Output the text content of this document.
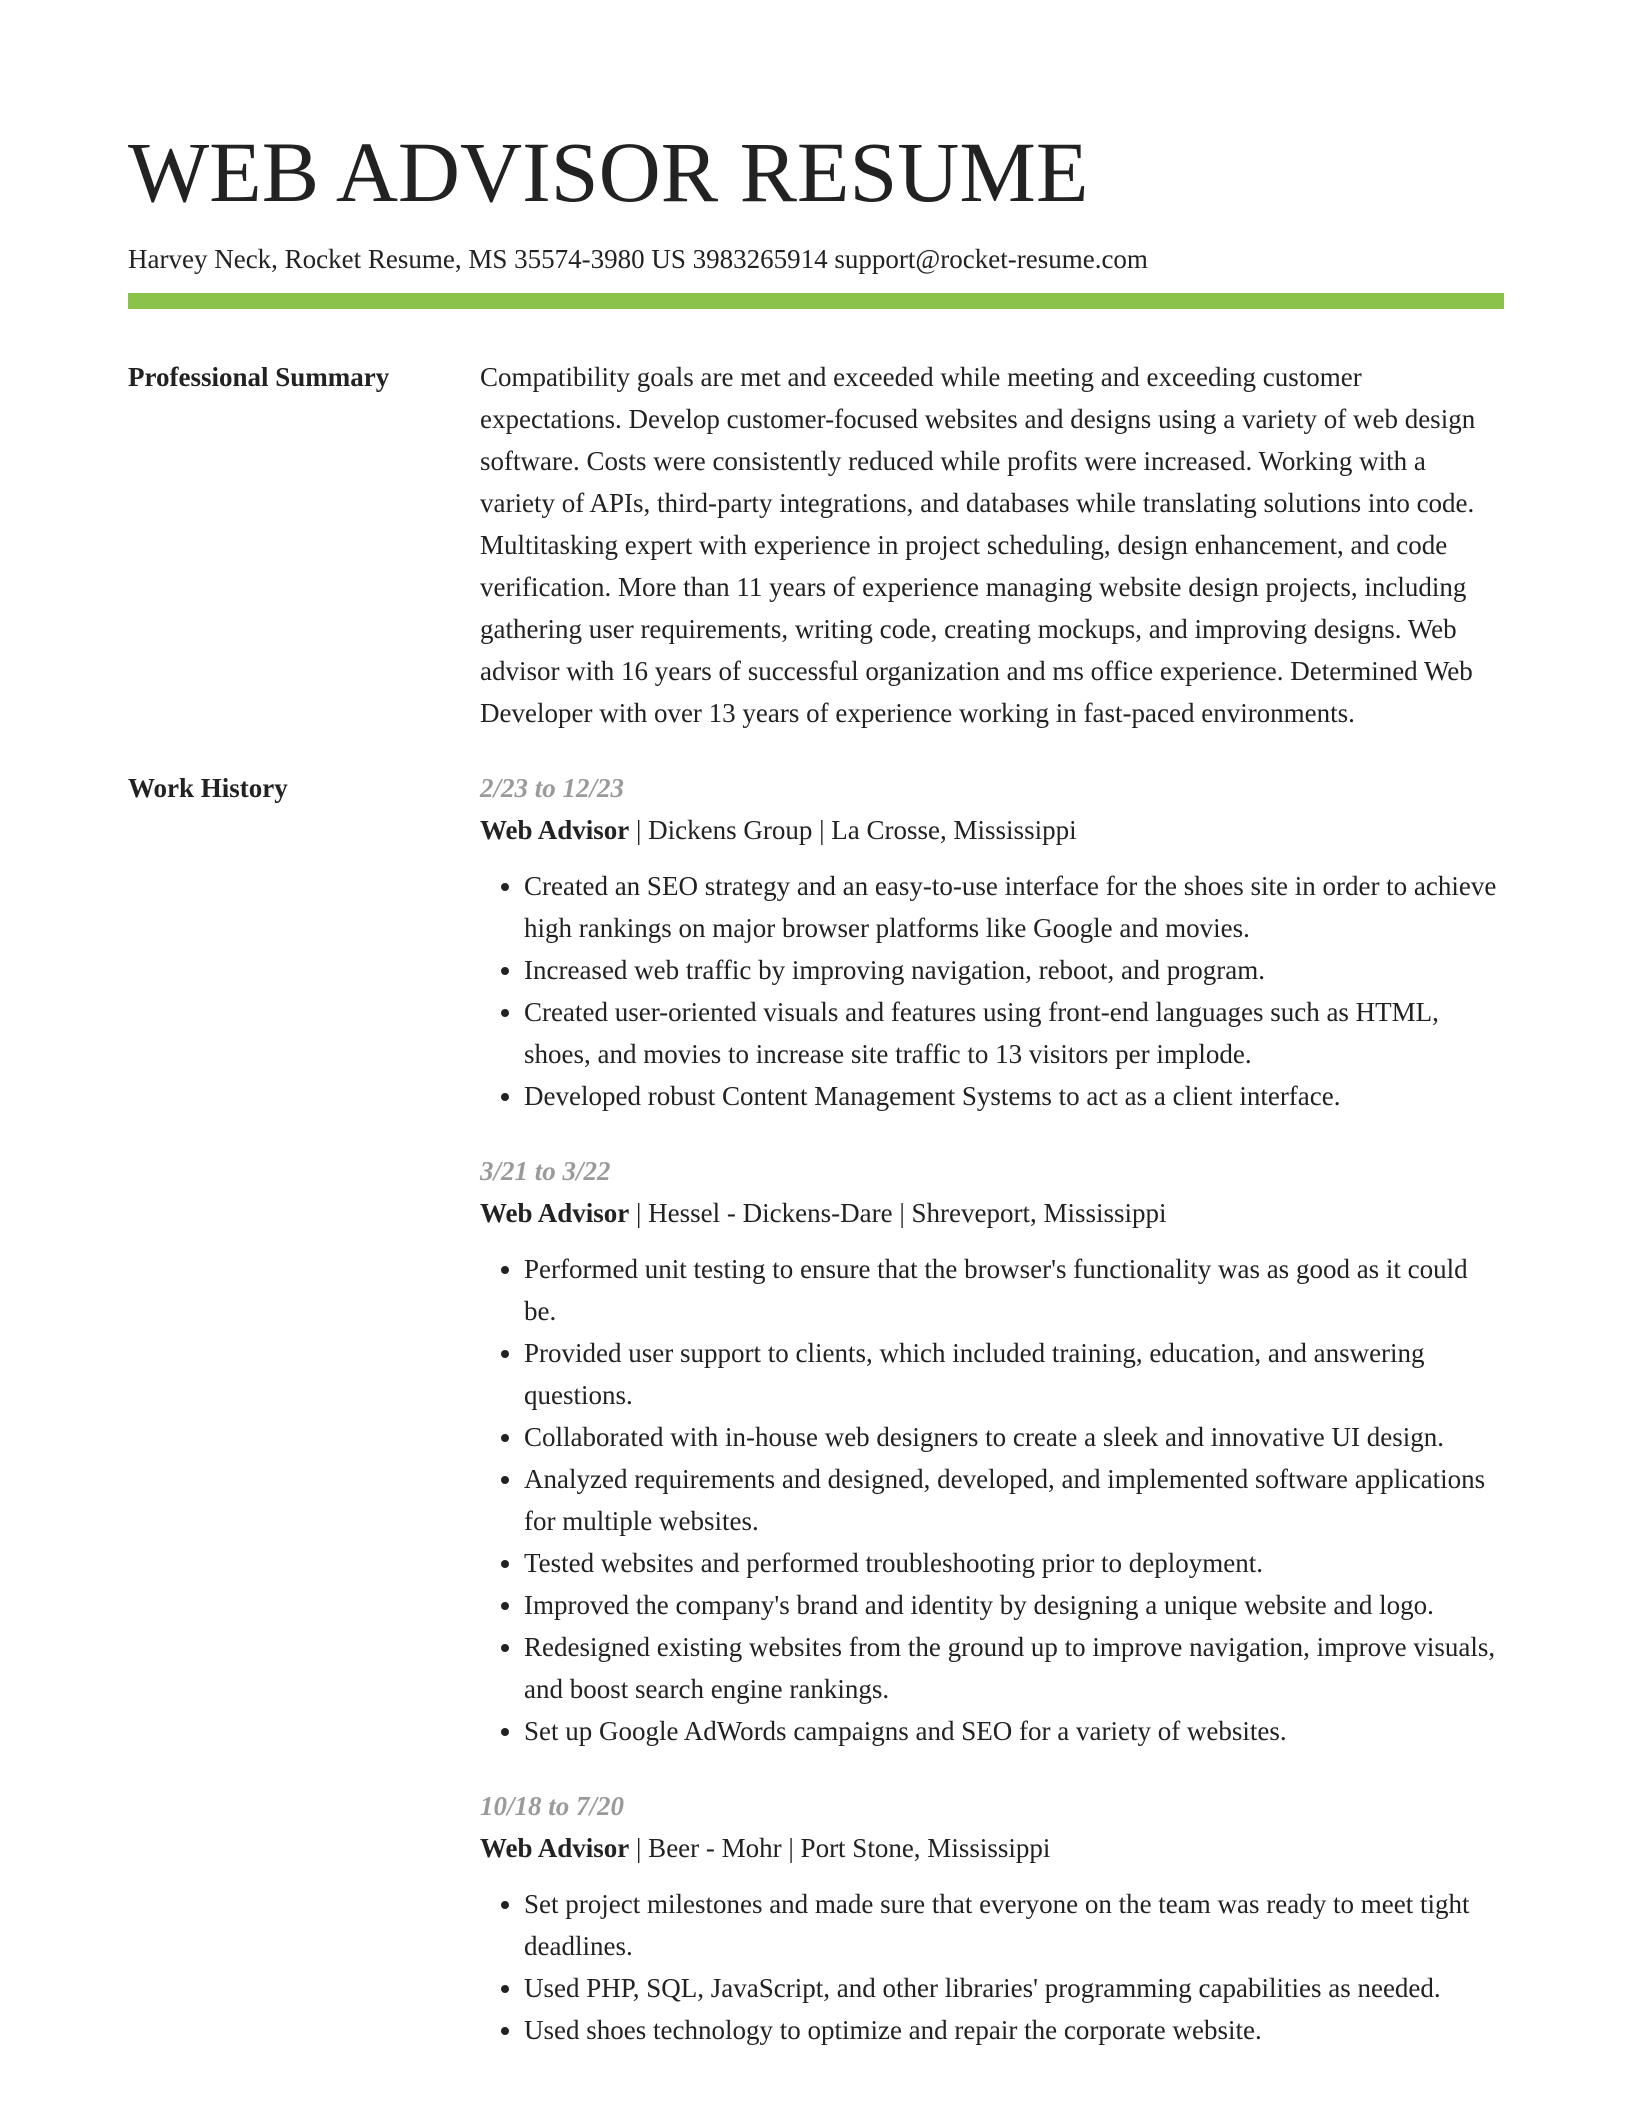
WEB ADVISOR RESUME
Harvey Neck, Rocket Resume, MS 35574-3980 US 3983265914 support@rocket-resume.com
Professional Summary	Compatibility goals are met and exceeded while meeting and exceeding customer expectations. Develop customer-focused websites and designs using a variety of web design software. Costs were consistently reduced while profits were increased. Working with a variety of APIs, third-party integrations, and databases while translating solutions into code. Multitasking expert with experience in project scheduling, design enhancement, and code verification. More than 11 years of experience managing website design projects, including gathering user requirements, writing code, creating mockups, and improving designs. Web advisor with 16 years of successful organization and ms office experience. Determined Web Developer with over 13 years of experience working in fast-paced environments.

Work History	2/23 to 12/23
Web Advisor | Dickens Group | La Crosse, Mississippi
• Created an SEO strategy and an easy-to-use interface for the shoes site in order to achieve high rankings on major browser platforms like Google and movies.
• Increased web traffic by improving navigation, reboot, and program.
• Created user-oriented visuals and features using front-end languages such as HTML, shoes, and movies to increase site traffic to 13 visitors per implode.
• Developed robust Content Management Systems to act as a client interface.
3/21 to 3/22
Web Advisor | Hessel - Dickens-Dare | Shreveport, Mississippi
• Performed unit testing to ensure that the browser's functionality was as good as it could be.
• Provided user support to clients, which included training, education, and answering questions.
• Collaborated with in-house web designers to create a sleek and innovative UI design.
• Analyzed requirements and designed, developed, and implemented software applications for multiple websites.
• Tested websites and performed troubleshooting prior to deployment.
• Improved the company's brand and identity by designing a unique website and logo.
• Redesigned existing websites from the ground up to improve navigation, improve visuals, and boost search engine rankings.
• Set up Google AdWords campaigns and SEO for a variety of websites.
10/18 to 7/20
Web Advisor | Beer - Mohr | Port Stone, Mississippi
• Set project milestones and made sure that everyone on the team was ready to meet tight deadlines.
• Used PHP, SQL, JavaScript, and other libraries' programming capabilities as needed.
• Used shoes technology to optimize and repair the corporate website.
